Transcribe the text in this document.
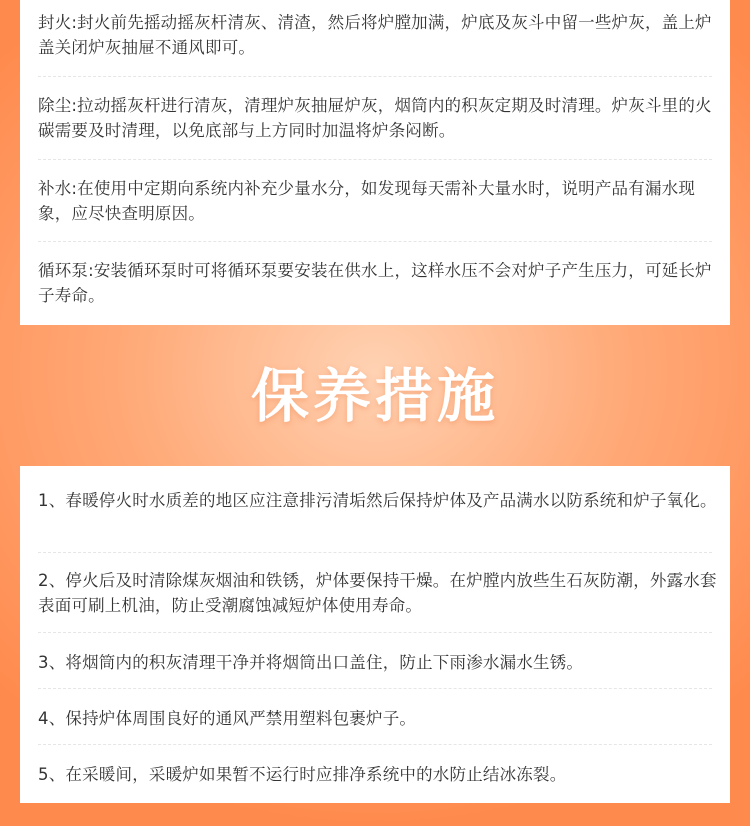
封火:封火前先摇动摇灰杆清灰、清渣，然后将炉膛加满，炉底及灰斗中留一些炉灰，盖上炉盖关闭炉灰抽屉不通风即可。

除尘:拉动摇灰杆进行清灰，清理炉灰抽屉炉灰，烟筒内的积灰定期及时清理。炉灰斗里的火碳需要及时清理，以免底部与上方同时加温将炉条闷断。

补水:在使用中定期向系统内补充少量水分，如发现每天需补大量水时，说明产品有漏水现象，应尽快查明原因。

循环泵:安装循环泵时可将循环泵要安装在供水上，这样水压不会对炉子产生压力，可延长炉子寿命。

保养措施

1、春暖停火时水质差的地区应注意排污清垢然后保持炉体及产品满水以防系统和炉子氧化。

2、停火后及时清除煤灰烟油和铁锈，炉体要保持干燥。在炉膛内放些生石灰防潮，外露水套表面可刷上机油，防止受潮腐蚀减短炉体使用寿命。

3、将烟筒内的积灰清理干净并将烟筒出口盖住，防止下雨渗水漏水生锈。

4、保持炉体周围良好的通风严禁用塑料包裹炉子。

5、在采暖间，采暖炉如果暂不运行时应排净系统中的水防止结冰冻裂。
